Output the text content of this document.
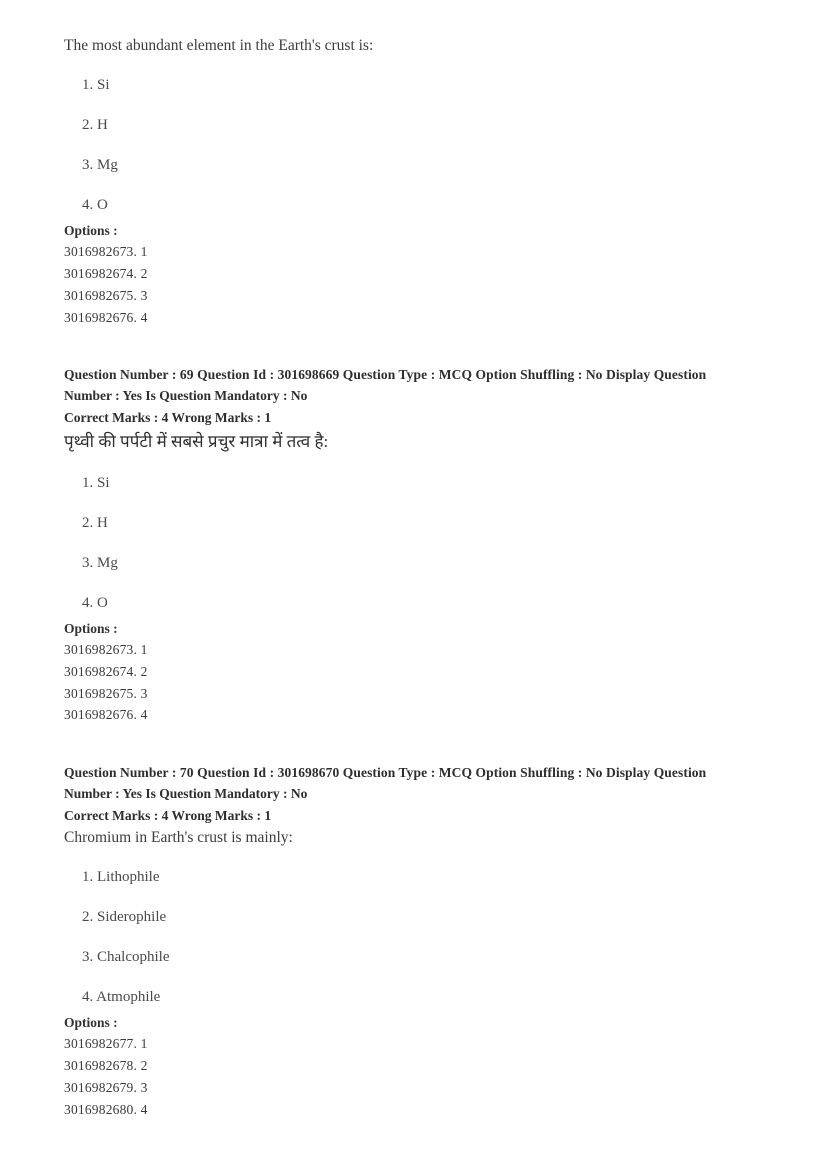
The most abundant element in the Earth's crust is:

1. Si
2. H
3. Mg
4. O

Options :

3016982673. 1
3016982674. 2
3016982675. 3
3016982676. 4

Question Number : 69 Question Id : 301698669 Question Type : MCQ Option Shuffling : No Display Question

Number : Yes Is Question Mandatory : No

Correct Marks : 4 Wrong Marks : 1

पृथ्वी की पर्पटी में सबसे प्रचुर मात्रा में तत्व है:

1. Si
2. H
3. Mg
4. O

Options :

3016982673. 1
3016982674. 2
3016982675. 3
3016982676. 4

Question Number : 70 Question Id : 301698670 Question Type : MCQ Option Shuffling : No Display Question

Number : Yes Is Question Mandatory : No

Correct Marks : 4 Wrong Marks : 1

Chromium in Earth's crust is mainly:

1. Lithophile
2. Siderophile
3. Chalcophile
4. Atmophile

Options :

3016982677. 1
3016982678. 2
3016982679. 3
3016982680. 4
